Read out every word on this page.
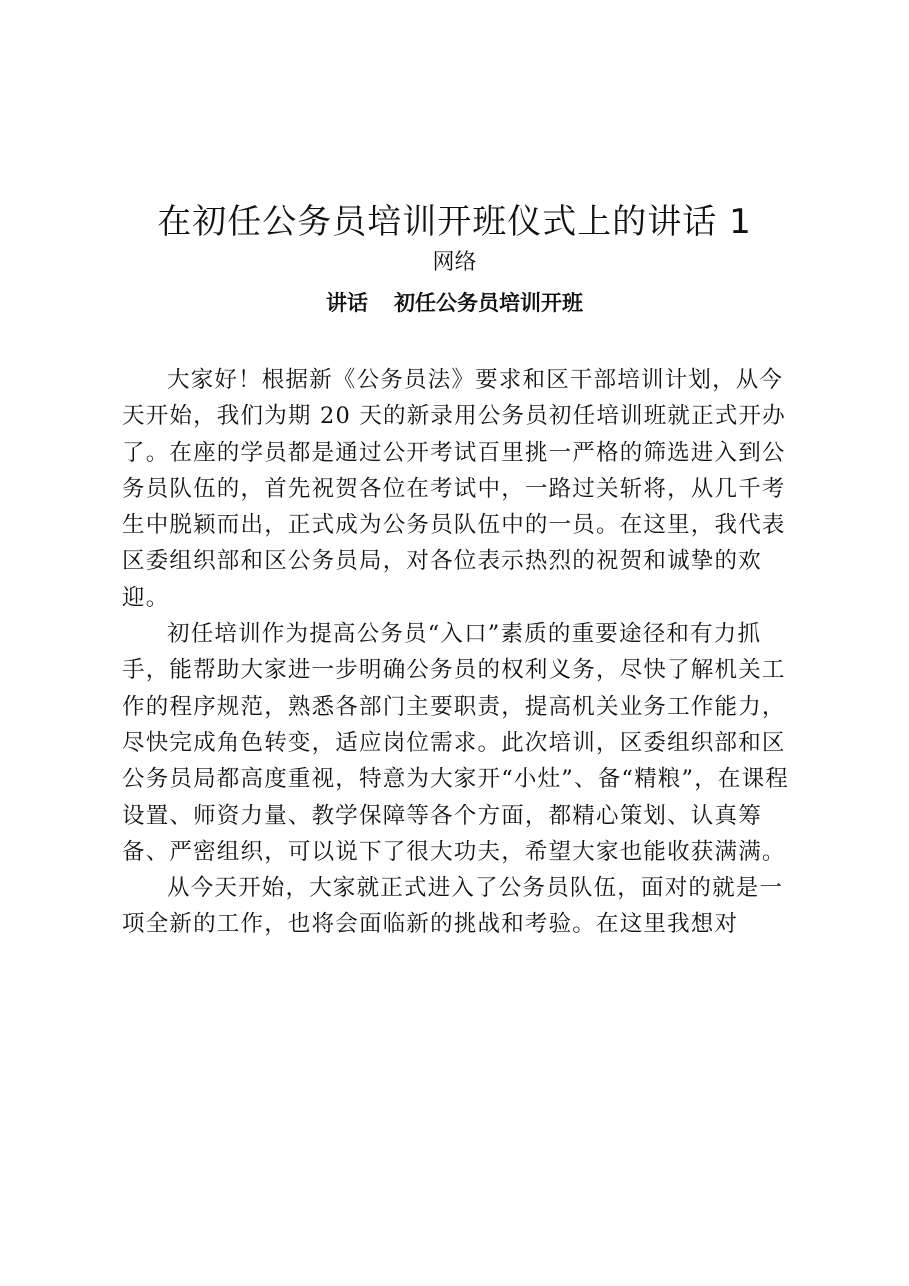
在初任公务员培训开班仪式上的讲话 1
网络
讲话 初任公务员培训开班

大家好！根据新《公务员法》要求和区干部培训计划，从今天开始，我们为期 20 天的新录用公务员初任培训班就正式开办了。在座的学员都是通过公开考试百里挑一严格的筛选进入到公务员队伍的，首先祝贺各位在考试中，一路过关斩将，从几千考生中脱颖而出，正式成为公务员队伍中的一员。在这里，我代表区委组织部和区公务员局，对各位表示热烈的祝贺和诚挚的欢迎。

初任培训作为提高公务员“入口”素质的重要途径和有力抓手，能帮助大家进一步明确公务员的权利义务，尽快了解机关工作的程序规范，熟悉各部门主要职责，提高机关业务工作能力，尽快完成角色转变，适应岗位需求。此次培训，区委组织部和区公务员局都高度重视，特意为大家开“小灶”、备“精粮”，在课程设置、师资力量、教学保障等各个方面，都精心策划、认真筹备、严密组织，可以说下了很大功夫，希望大家也能收获满满。

从今天开始，大家就正式进入了公务员队伍，面对的就是一项全新的工作，也将会面临新的挑战和考验。在这里我想对
